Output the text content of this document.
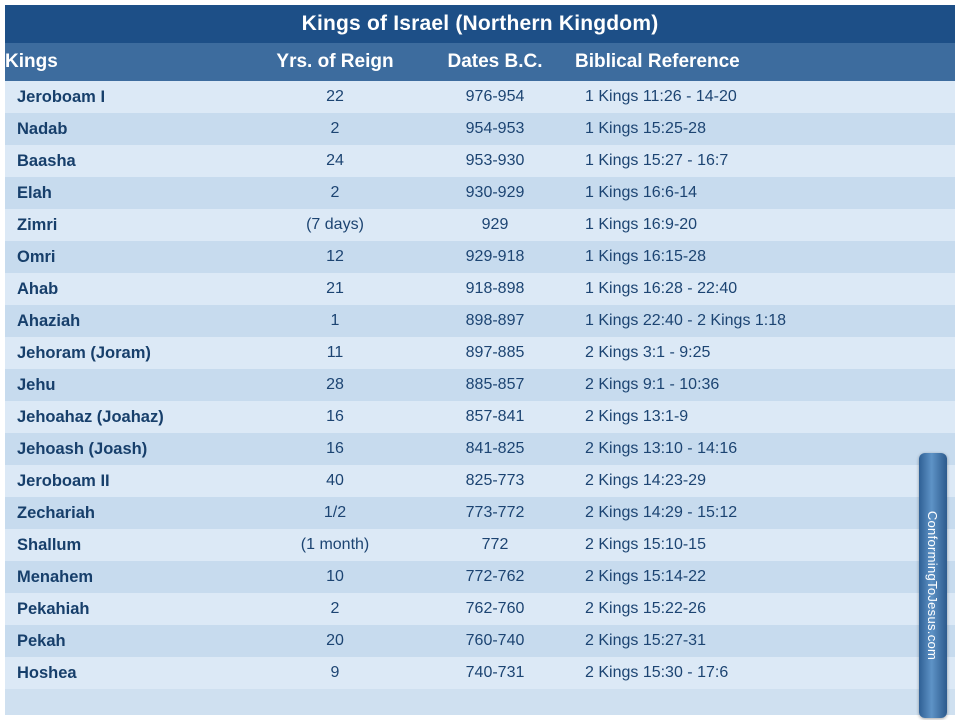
Kings of Israel (Northern Kingdom)
Kings	Yrs. of Reign	Dates B.C.	Biblical Reference
Jeroboam I	22	976-954	1 Kings 11:26 - 14-20
Nadab	2	954-953	1 Kings 15:25-28
Baasha	24	953-930	1 Kings 15:27 - 16:7
Elah	2	930-929	1 Kings 16:6-14
Zimri	(7 days)	929	1 Kings 16:9-20
Omri	12	929-918	1 Kings 16:15-28
Ahab	21	918-898	1 Kings 16:28 - 22:40
Ahaziah	1	898-897	1 Kings 22:40 - 2 Kings 1:18
Jehoram (Joram)	11	897-885	2 Kings 3:1 - 9:25
Jehu	28	885-857	2 Kings 9:1 - 10:36
Jehoahaz (Joahaz)	16	857-841	2 Kings 13:1-9
Jehoash (Joash)	16	841-825	2 Kings 13:10 - 14:16
Jeroboam II	40	825-773	2 Kings 14:23-29
Zechariah	1/2	773-772	2 Kings 14:29 - 15:12
Shallum	(1 month)	772	2 Kings 15:10-15
Menahem	10	772-762	2 Kings 15:14-22
Pekahiah	2	762-760	2 Kings 15:22-26
Pekah	20	760-740	2 Kings 15:27-31
Hoshea	9	740-731	2 Kings 15:30 - 17:6
ConformingToJesus.com
